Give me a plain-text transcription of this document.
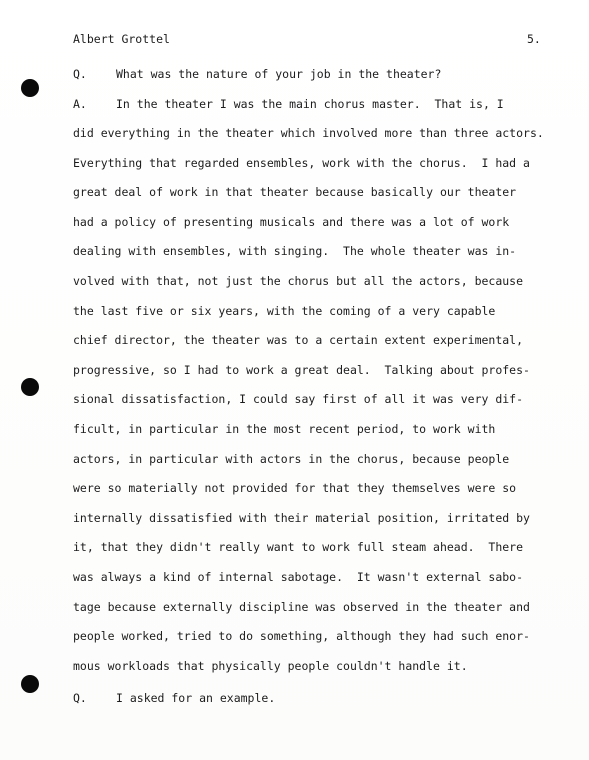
Albert Grottel	5.
Q.	What was the nature of your job in the theater?
A.	In the theater I was the main chorus master.  That is, I
did everything in the theater which involved more than three actors.
Everything that regarded ensembles, work with the chorus.  I had a
great deal of work in that theater because basically our theater
had a policy of presenting musicals and there was a lot of work
dealing with ensembles, with singing.  The whole theater was in-
volved with that, not just the chorus but all the actors, because
the last five or six years, with the coming of a very capable
chief director, the theater was to a certain extent experimental,
progressive, so I had to work a great deal.  Talking about profes-
sional dissatisfaction, I could say first of all it was very dif-
ficult, in particular in the most recent period, to work with
actors, in particular with actors in the chorus, because people
were so materially not provided for that they themselves were so
internally dissatisfied with their material position, irritated by
it, that they didn't really want to work full steam ahead.  There
was always a kind of internal sabotage.  It wasn't external sabo-
tage because externally discipline was observed in the theater and
people worked, tried to do something, although they had such enor-
mous workloads that physically people couldn't handle it.
Q.	I asked for an example.
